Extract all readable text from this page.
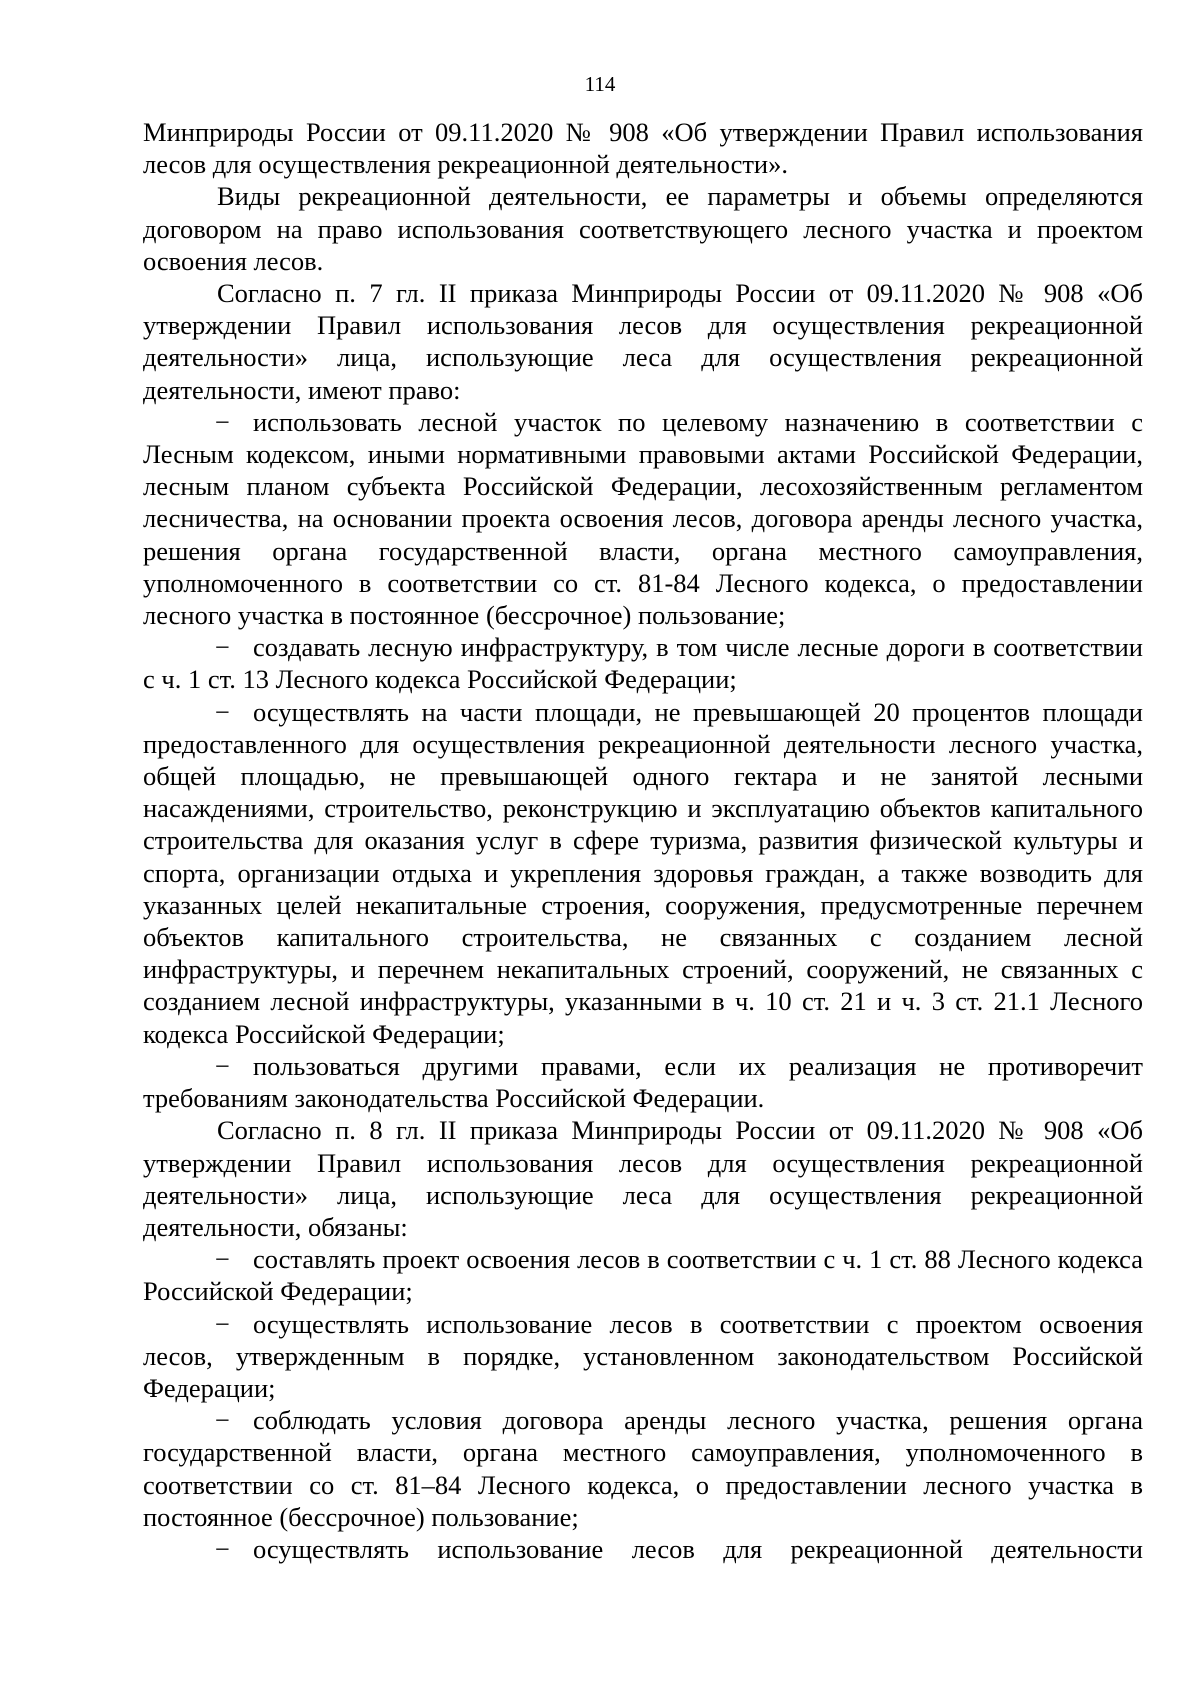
114

Минприроды России от 09.11.2020 № 908 «Об утверждении Правил использования лесов для осуществления рекреационной деятельности».

Виды рекреационной деятельности, ее параметры и объемы определяются договором на право использования соответствующего лесного участка и проектом освоения лесов.

Согласно п. 7 гл. II приказа Минприроды России от 09.11.2020 № 908 «Об утверждении Правил использования лесов для осуществления рекреационной деятельности» лица, использующие леса для осуществления рекреационной деятельности, имеют право:

− использовать лесной участок по целевому назначению в соответствии с Лесным кодексом, иными нормативными правовыми актами Российской Федерации, лесным планом субъекта Российской Федерации, лесохозяйственным регламентом лесничества, на основании проекта освоения лесов, договора аренды лесного участка, решения органа государственной власти, органа местного самоуправления, уполномоченного в соответствии со ст. 81-84 Лесного кодекса, о предоставлении лесного участка в постоянное (бессрочное) пользование;

− создавать лесную инфраструктуру, в том числе лесные дороги в соответствии с ч. 1 ст. 13 Лесного кодекса Российской Федерации;

− осуществлять на части площади, не превышающей 20 процентов площади предоставленного для осуществления рекреационной деятельности лесного участка, общей площадью, не превышающей одного гектара и не занятой лесными насаждениями, строительство, реконструкцию и эксплуатацию объектов капитального строительства для оказания услуг в сфере туризма, развития физической культуры и спорта, организации отдыха и укрепления здоровья граждан, а также возводить для указанных целей некапитальные строения, сооружения, предусмотренные перечнем объектов капитального строительства, не связанных с созданием лесной инфраструктуры, и перечнем некапитальных строений, сооружений, не связанных с созданием лесной инфраструктуры, указанными в ч. 10 ст. 21 и ч. 3 ст. 21.1 Лесного кодекса Российской Федерации;

− пользоваться другими правами, если их реализация не противоречит требованиям законодательства Российской Федерации.

Согласно п. 8 гл. II приказа Минприроды России от 09.11.2020 № 908 «Об утверждении Правил использования лесов для осуществления рекреационной деятельности» лица, использующие леса для осуществления рекреационной деятельности, обязаны:

− составлять проект освоения лесов в соответствии с ч. 1 ст. 88 Лесного кодекса Российской Федерации;

− осуществлять использование лесов в соответствии с проектом освоения лесов, утвержденным в порядке, установленном законодательством Российской Федерации;

− соблюдать условия договора аренды лесного участка, решения органа государственной власти, органа местного самоуправления, уполномоченного в соответствии со ст. 81–84 Лесного кодекса, о предоставлении лесного участка в постоянное (бессрочное) пользование;

− осуществлять использование лесов для рекреационной деятельности
